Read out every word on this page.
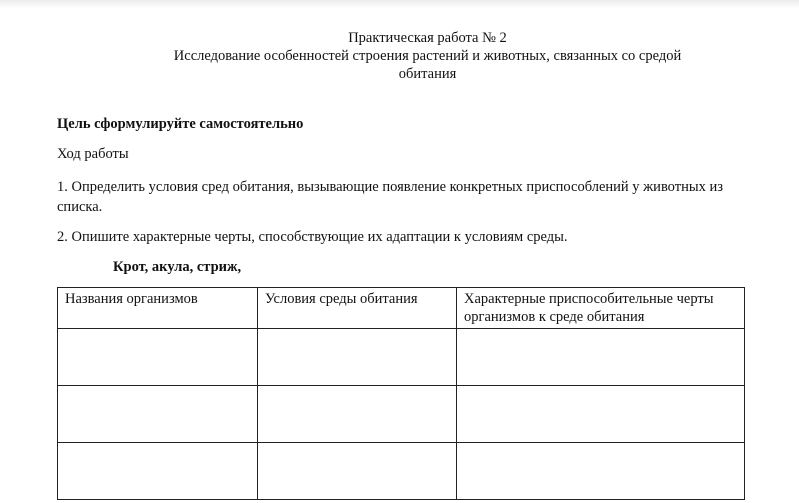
Практическая работа № 2
Исследование особенностей строения растений и животных, связанных со средой
обитания
Цель сформулируйте самостоятельно
Ход работы
1. Определить условия сред обитания, вызывающие появление конкретных приспособлений у животных из списка.
2. Опишите характерные черты, способствующие их адаптации к условиям среды.
Крот, акула, стриж,
Названия организмов	Условия среды обитания	Характерные приспособительные черты организмов к среде обитания
